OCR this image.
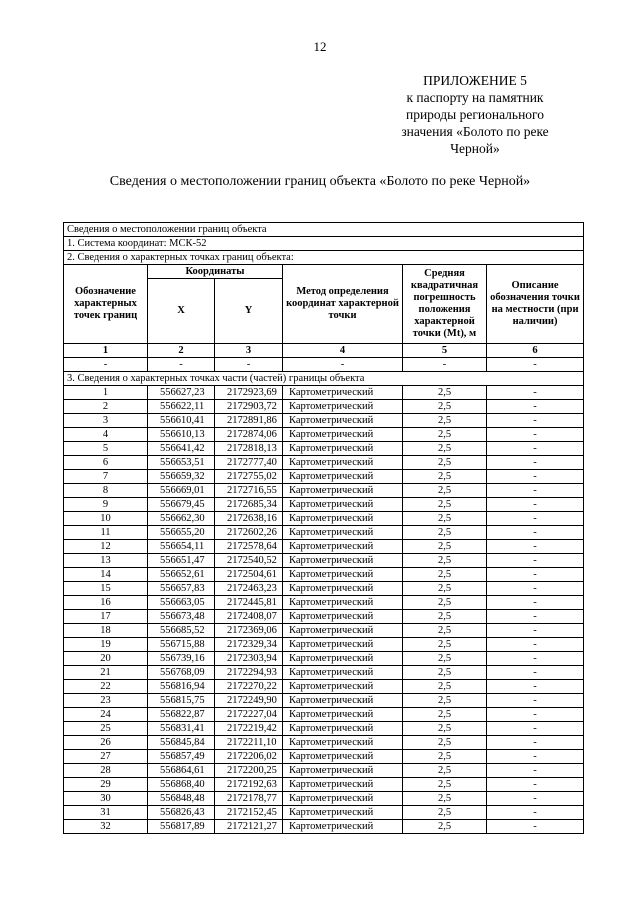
12
ПРИЛОЖЕНИЕ 5
к паспорту на памятник
природы регионального
значения «Болото по реке
Черной»
Сведения о местоположении границ объекта «Болото по реке Черной»
Сведения о местоположении границ объекта					
1. Система координат: МСК-52					
2. Сведения о характерных точках границ объекта:					
Обозначение характерных точек границ	Координаты		Метод определения координат характерной точки	Средняя квадратичная погрешность положения характерной точки (Mt), м	Описание обозначения точки на местности (при наличии)
	X	Y			
1	2	3	4	5	6
-	-	-	-	-	-
3. Сведения о характерных точках части (частей) границы объекта					
1	556627,23	2172923,69	Картометрический	2,5	-
2	556622,11	2172903,72	Картометрический	2,5	-
3	556610,41	2172891,86	Картометрический	2,5	-
4	556610,13	2172874,06	Картометрический	2,5	-
5	556641,42	2172818,13	Картометрический	2,5	-
6	556653,51	2172777,40	Картометрический	2,5	-
7	556659,32	2172755,02	Картометрический	2,5	-
8	556669,01	2172716,55	Картометрический	2,5	-
9	556679,45	2172685,34	Картометрический	2,5	-
10	556662,30	2172638,16	Картометрический	2,5	-
11	556655,20	2172602,26	Картометрический	2,5	-
12	556654,11	2172578,64	Картометрический	2,5	-
13	556651,47	2172540,52	Картометрический	2,5	-
14	556652,61	2172504,61	Картометрический	2,5	-
15	556657,83	2172463,23	Картометрический	2,5	-
16	556663,05	2172445,81	Картометрический	2,5	-
17	556673,48	2172408,07	Картометрический	2,5	-
18	556685,52	2172369,06	Картометрический	2,5	-
19	556715,88	2172329,34	Картометрический	2,5	-
20	556739,16	2172303,94	Картометрический	2,5	-
21	556768,09	2172294,93	Картометрический	2,5	-
22	556816,94	2172270,22	Картометрический	2,5	-
23	556815,75	2172249,90	Картометрический	2,5	-
24	556822,87	2172227,04	Картометрический	2,5	-
25	556831,41	2172219,42	Картометрический	2,5	-
26	556845,84	2172211,10	Картометрический	2,5	-
27	556857,49	2172206,02	Картометрический	2,5	-
28	556864,61	2172200,25	Картометрический	2,5	-
29	556868,40	2172192,63	Картометрический	2,5	-
30	556848,48	2172178,77	Картометрический	2,5	-
31	556826,43	2172152,45	Картометрический	2,5	-
32	556817,89	2172121,27	Картометрический	2,5	-
